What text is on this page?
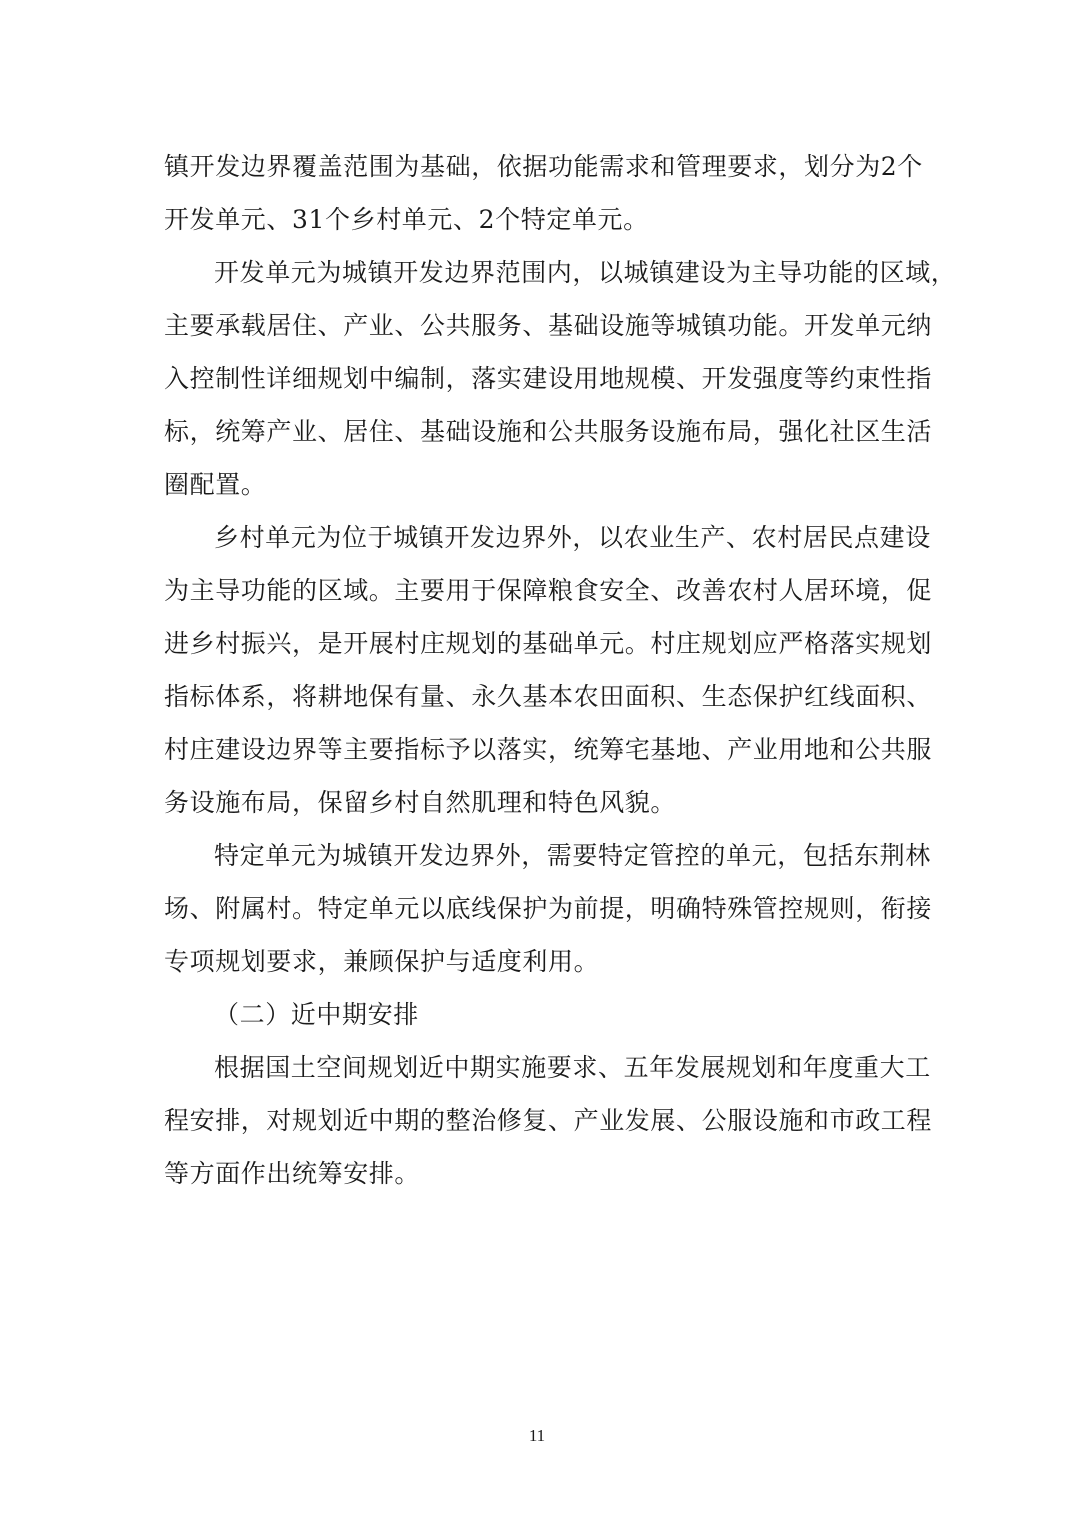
镇开发边界覆盖范围为基础，依据功能需求和管理要求，划分为2个
开发单元、31个乡村单元、2个特定单元。
开发单元为城镇开发边界范围内，以城镇建设为主导功能的区域，
主要承载居住、产业、公共服务、基础设施等城镇功能。开发单元纳
入控制性详细规划中编制，落实建设用地规模、开发强度等约束性指
标，统筹产业、居住、基础设施和公共服务设施布局，强化社区生活
圈配置。
乡村单元为位于城镇开发边界外，以农业生产、农村居民点建设
为主导功能的区域。主要用于保障粮食安全、改善农村人居环境，促
进乡村振兴，是开展村庄规划的基础单元。村庄规划应严格落实规划
指标体系，将耕地保有量、永久基本农田面积、生态保护红线面积、
村庄建设边界等主要指标予以落实，统筹宅基地、产业用地和公共服
务设施布局，保留乡村自然肌理和特色风貌。
特定单元为城镇开发边界外，需要特定管控的单元，包括东荆林
场、附属村。特定单元以底线保护为前提，明确特殊管控规则，衔接
专项规划要求，兼顾保护与适度利用。
（二）近中期安排
根据国土空间规划近中期实施要求、五年发展规划和年度重大工
程安排，对规划近中期的整治修复、产业发展、公服设施和市政工程
等方面作出统筹安排。
11
